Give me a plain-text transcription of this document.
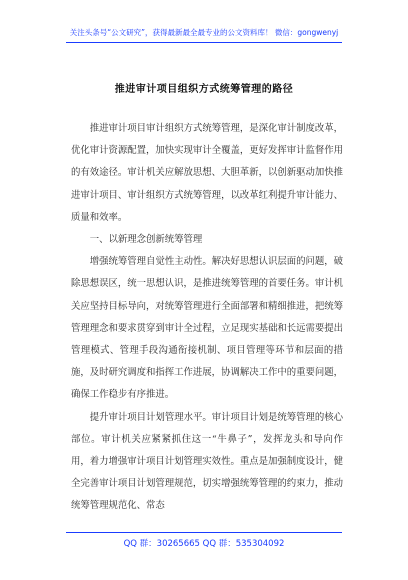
关注头条号“公文研究”，获得最新最全最专业的公文资料库！ 微信：gongwenyj
推进审计项目组织方式统筹管理的路径

推进审计项目审计组织方式统筹管理，是深化审计制度改革，优化审计资源配置，加快实现审计全覆盖，更好发挥审计监督作用的有效途径。审计机关应解放思想、大胆革新，以创新驱动加快推进审计项目、审计组织方式统筹管理，以改革红利提升审计能力、质量和效率。

一、以新理念创新统筹管理

增强统筹管理自觉性主动性。解决好思想认识层面的问题，破除思想误区，统一思想认识，是推进统筹管理的首要任务。审计机关应坚持目标导向，对统筹管理进行全面部署和精细推进，把统筹管理理念和要求贯穿到审计全过程，立足现实基础和长远需要提出管理模式、管理手段沟通衔接机制、项目管理等环节和层面的措施，及时研究调度和指挥工作进展，协调解决工作中的重要问题，确保工作稳步有序推进。

提升审计项目计划管理水平。审计项目计划是统筹管理的核心部位。审计机关应紧紧抓住这一“牛鼻子”，发挥龙头和导向作用，着力增强审计项目计划管理实效性。重点是加强制度设计，健全完善审计项目计划管理规范，切实增强统筹管理的约束力，推动统筹管理规范化、常态

QQ 群：30265665 QQ 群：535304092
